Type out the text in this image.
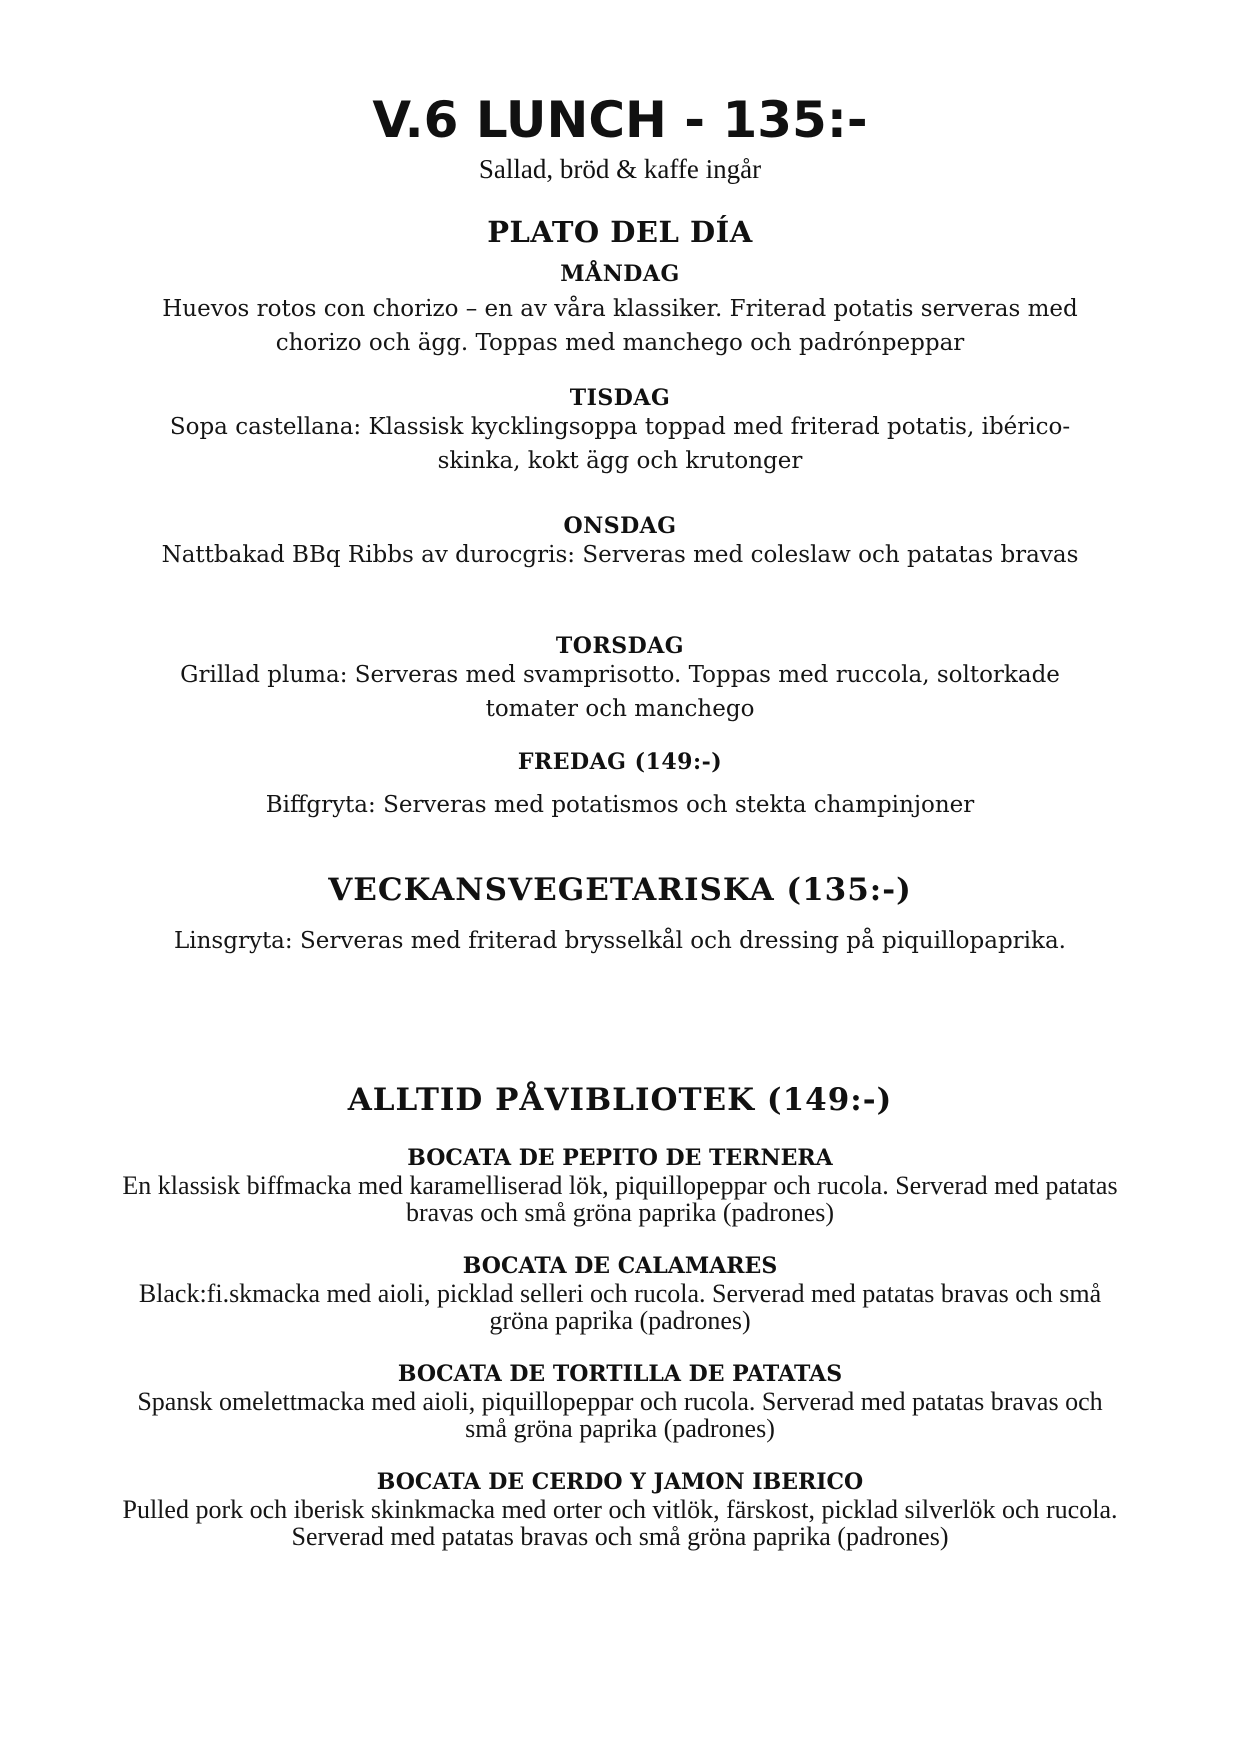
V.6 LUNCH - 135:-
Sallad, bröd & kaffe ingår
PLATO DEL DÍA
MÅNDAG
Huevos rotos con chorizo – en av våra klassiker. Friterad potatis serveras med chorizo och ägg. Toppas med manchego och padrónpeppar
TISDAG
Sopa castellana: Klassisk kycklingsoppa toppad med friterad potatis, ibérico-skinka, kokt ägg och krutonger
ONSDAG
Nattbakad BBq Ribbs av durocgris: Serveras med coleslaw och patatas bravas
TORSDAG
Grillad pluma: Serveras med svamprisotto. Toppas med ruccola, soltorkade tomater och manchego
FREDAG (149:-)
Biffgryta: Serveras med potatismos och stekta champinjoner
VECKANSVEGETARISKA (135:-)
Linsgryta: Serveras med friterad brysselkål och dressing på piquillopaprika.
ALLTID PÅVIBLIOTEK (149:-)
BOCATA DE PEPITO DE TERNERA
En klassisk biffmacka med karamelliserad lök, piquillopeppar och rucola. Serverad med patatas bravas och små gröna paprika (padrones)
BOCATA DE CALAMARES
Black:fi.skmacka med aioli, picklad selleri och rucola. Serverad med patatas bravas och små gröna paprika (padrones)
BOCATA DE TORTILLA DE PATATAS
Spansk omelettmacka med aioli, piquillopeppar och rucola. Serverad med patatas bravas och små gröna paprika (padrones)
BOCATA DE CERDO Y JAMON IBERICO
Pulled pork och iberisk skinkmacka med orter och vitlök, färskost, picklad silverlök och rucola. Serverad med patatas bravas och små gröna paprika (padrones)
